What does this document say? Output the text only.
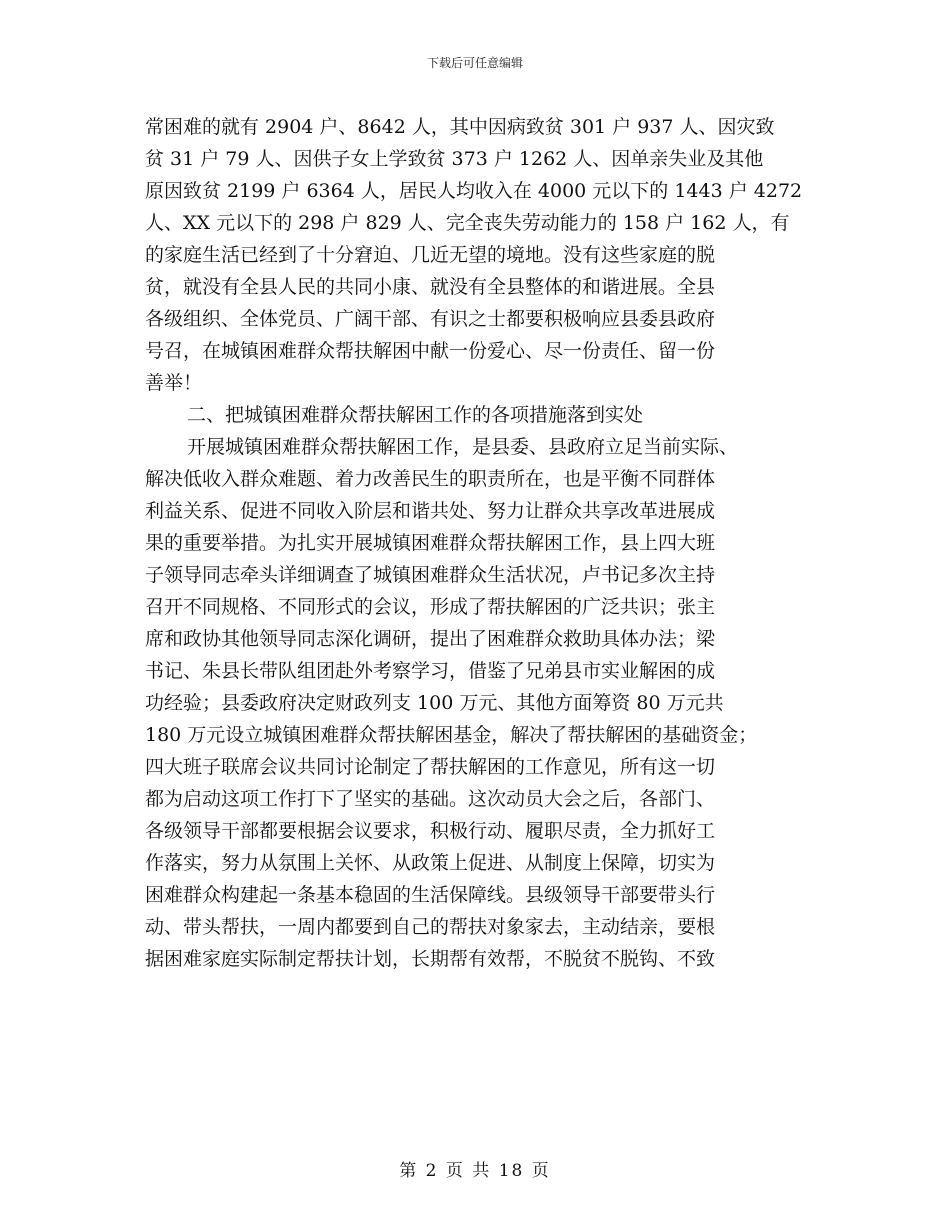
下载后可任意编辑
常困难的就有 2904 户、8642 人，其中因病致贫 301 户 937 人、因灾致
贫 31 户 79 人、因供子女上学致贫 373 户 1262 人、因单亲失业及其他
原因致贫 2199 户 6364 人，居民人均收入在 4000 元以下的 1443 户 4272
人、XX 元以下的 298 户 829 人、完全丧失劳动能力的 158 户 162 人，有
的家庭生活已经到了十分窘迫、几近无望的境地。没有这些家庭的脱
贫，就没有全县人民的共同小康、就没有全县整体的和谐进展。全县
各级组织、全体党员、广阔干部、有识之士都要积极响应县委县政府
号召，在城镇困难群众帮扶解困中献一份爱心、尽一份责任、留一份
善举！
二、把城镇困难群众帮扶解困工作的各项措施落到实处
开展城镇困难群众帮扶解困工作，是县委、县政府立足当前实际、
解决低收入群众难题、着力改善民生的职责所在，也是平衡不同群体
利益关系、促进不同收入阶层和谐共处、努力让群众共享改革进展成
果的重要举措。为扎实开展城镇困难群众帮扶解困工作，县上四大班
子领导同志牵头详细调查了城镇困难群众生活状况，卢书记多次主持
召开不同规格、不同形式的会议，形成了帮扶解困的广泛共识；张主
席和政协其他领导同志深化调研，提出了困难群众救助具体办法；梁
书记、朱县长带队组团赴外考察学习，借鉴了兄弟县市实业解困的成
功经验；县委政府决定财政列支 100 万元、其他方面筹资 80 万元共
180 万元设立城镇困难群众帮扶解困基金，解决了帮扶解困的基础资金；
四大班子联席会议共同讨论制定了帮扶解困的工作意见，所有这一切
都为启动这项工作打下了坚实的基础。这次动员大会之后，各部门、
各级领导干部都要根据会议要求，积极行动、履职尽责，全力抓好工
作落实，努力从氛围上关怀、从政策上促进、从制度上保障，切实为
困难群众构建起一条基本稳固的生活保障线。县级领导干部要带头行
动、带头帮扶，一周内都要到自己的帮扶对象家去，主动结亲，要根
据困难家庭实际制定帮扶计划，长期帮有效帮，不脱贫不脱钩、不致
第 2 页 共 18 页
